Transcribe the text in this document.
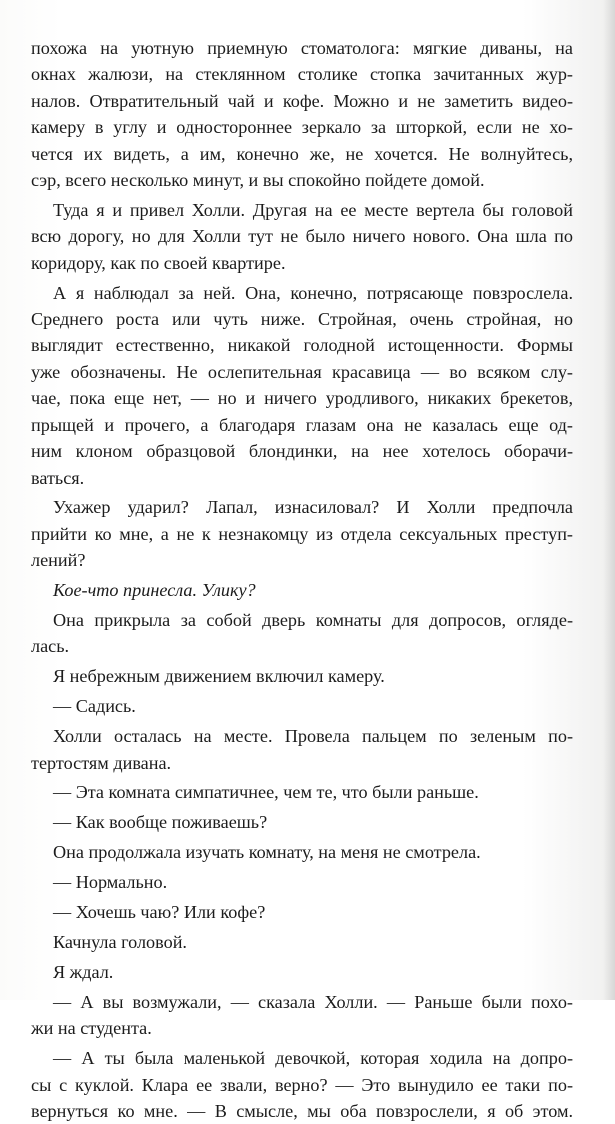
похожа на уютную приемную стоматолога: мягкие диваны, на

окнах жалюзи, на стеклянном столике стопка зачитанных жур-

налов. Отвратительный чай и кофе. Можно и не заметить видео-

камеру в углу и одностороннее зеркало за шторкой, если не хо-

чется их видеть, а им, конечно же, не хочется. Не волнуйтесь,

сэр, всего несколько минут, и вы спокойно пойдете домой.

Туда я и привел Холли. Другая на ее месте вертела бы головой

всю дорогу, но для Холли тут не было ничего нового. Она шла по

коридору, как по своей квартире.

А я наблюдал за ней. Она, конечно, потрясающе повзрослела.

Среднего роста или чуть ниже. Стройная, очень стройная, но

выглядит естественно, никакой голодной истощенности. Формы

уже обозначены. Не ослепительная красавица — во всяком слу-

чае, пока еще нет, — но и ничего уродливого, никаких брекетов,

прыщей и прочего, а благодаря глазам она не казалась еще од-

ним клоном образцовой блондинки, на нее хотелось оборачи-

ваться.

Ухажер ударил? Лапал, изнасиловал? И Холли предпочла

прийти ко мне, а не к незнакомцу из отдела сексуальных преступ-

лений?

Кое-что принесла. Улику?

Она прикрыла за собой дверь комнаты для допросов, огляде-

лась.

Я небрежным движением включил камеру.

— Садись.

Холли осталась на месте. Провела пальцем по зеленым по-

тертостям дивана.

— Эта комната симпатичнее, чем те, что были раньше.

— Как вообще поживаешь?

Она продолжала изучать комнату, на меня не смотрела.

— Нормально.

— Хочешь чаю? Или кофе?

Качнула головой.

Я ждал.

— А вы возмужали, — сказала Холли. — Раньше были похо-

жи на студента.

— А ты была маленькой девочкой, которая ходила на допро-

сы с куклой. Клара ее звали, верно? — Это вынудило ее таки по-

вернуться ко мне. — В смысле, мы оба повзрослели, я об этом.
